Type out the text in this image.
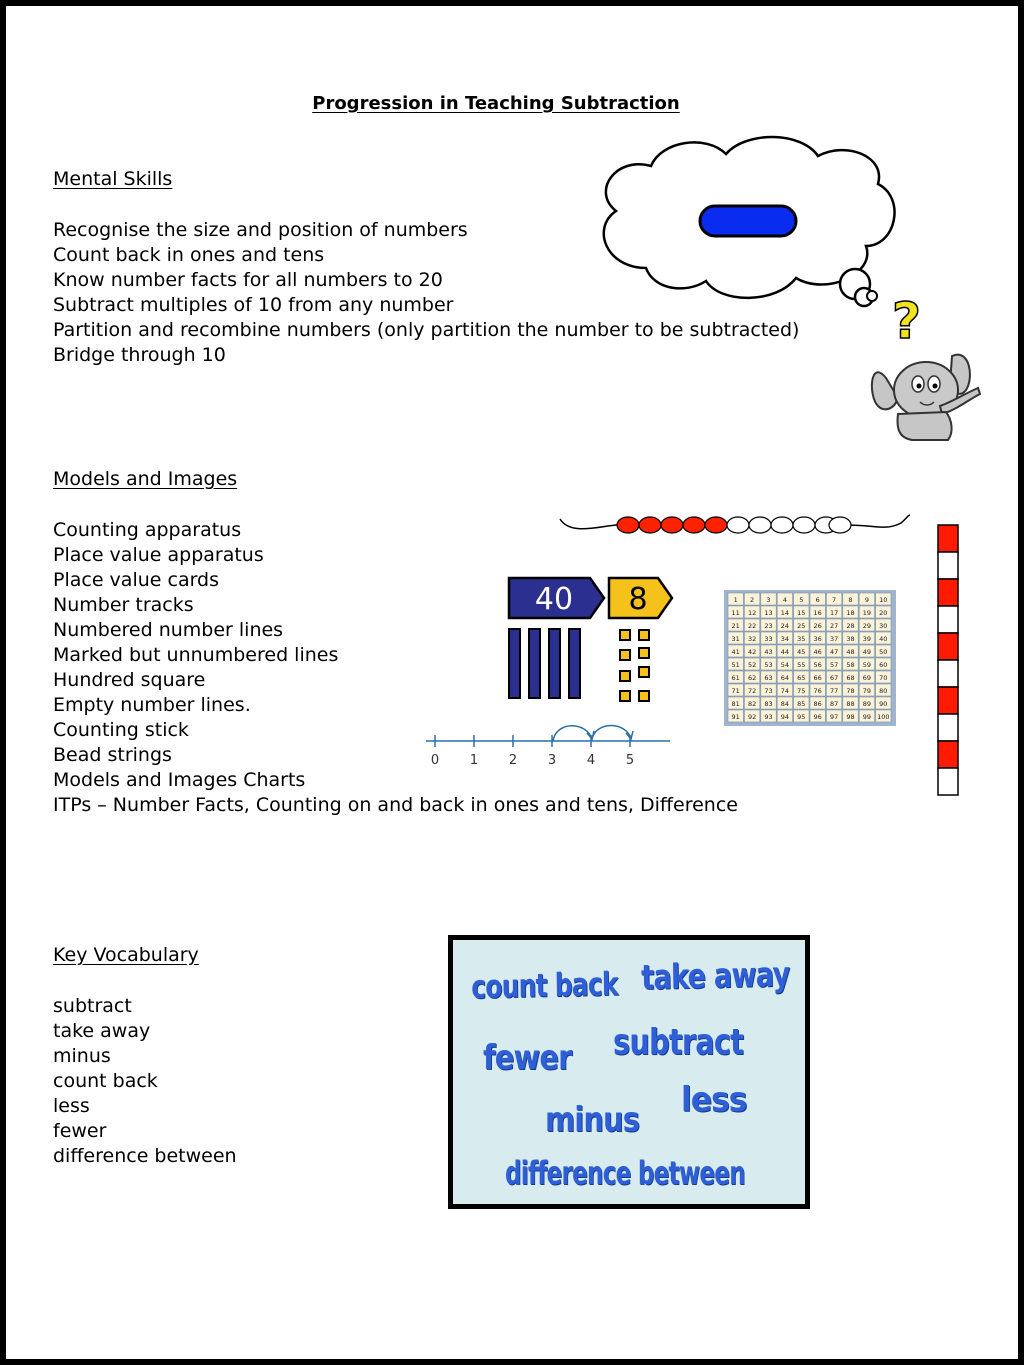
Progression in Teaching Subtraction
Mental Skills
Recognise the size and position of numbers
Count back in ones and tens
Know number facts for all numbers to 20
Subtract multiples of 10 from any number
Partition and recombine numbers (only partition the number to be subtracted)
Bridge through 10
?
Models and Images
Counting apparatus
Place value apparatus
Place value cards
Number tracks
Numbered number lines
Marked but unnumbered lines
Hundred square
Empty number lines.
Counting stick
Bead strings
Models and Images Charts
ITPs – Number Facts, Counting on and back in ones and tens, Difference
40 8	1 2 3 4 5 6 7 8 9 10
11 12 13 14 15 16 17 18 19 20
21 22 23 24 25 26 27 28 29 30
31 32 33 34 35 36 37 38 39 40
41 42 43 44 45 46 47 48 49 50
51 52 53 54 55 56 57 58 59 60
61 62 63 64 65 66 67 68 69 70
71 72 73 74 75 76 77 78 79 80
81 82 83 84 85 86 87 88 89 90
91 92 93 94 95 96 97 98 99 100
0 1 2 3 4 5
Key Vocabulary
subtract
take away
minus
count back
less
fewer
difference between
count back take away
fewer subtract
less
minus
difference between
